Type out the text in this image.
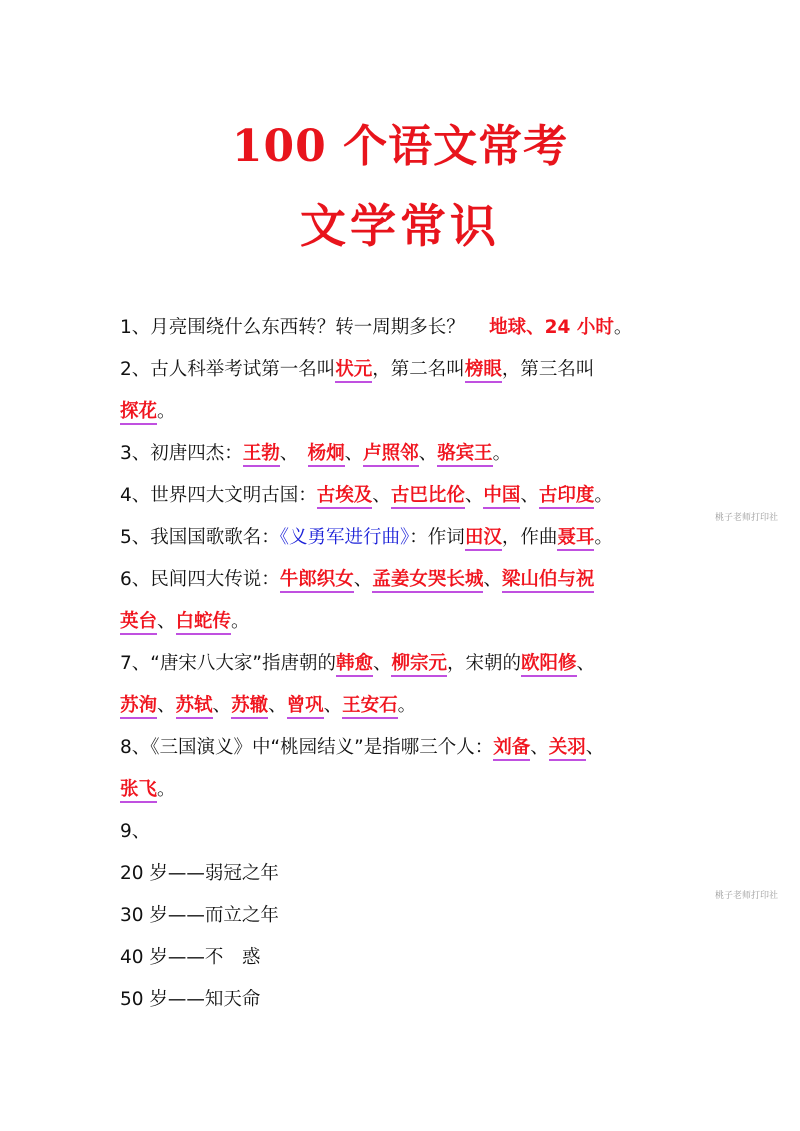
100 个语文常考
文学常识
1、月亮围绕什么东西转？转一周期多长？　 地球、24 小时。
2、古人科举考试第一名叫状元，第二名叫榜眼，第三名叫
探花。
3、初唐四杰：王勃、　杨炯、卢照邻、骆宾王。
4、世界四大文明古国：古埃及、古巴比伦、中国、古印度。
5、我国国歌歌名：《义勇军进行曲》：作词田汉，作曲聂耳。
6、民间四大传说：牛郎织女、孟姜女哭长城、梁山伯与祝
英台、白蛇传。
7、“唐宋八大家”指唐朝的韩愈、柳宗元，宋朝的欧阳修、
苏洵、苏轼、苏辙、曾巩、王安石。
8、《三国演义》中“桃园结义”是指哪三个人：刘备、关羽、
张飞。
9、
20 岁——弱冠之年
30 岁——而立之年
40 岁——不　惑
50 岁——知天命
桃子老师打印社
桃子老师打印社
